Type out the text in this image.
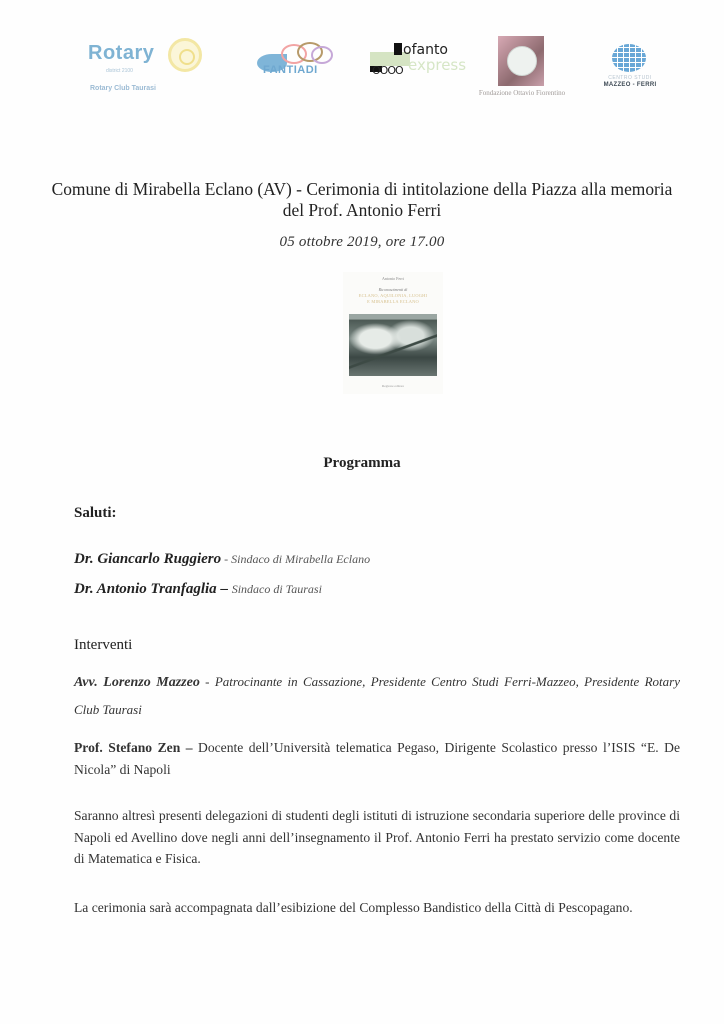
Rotary
district 2100
Rotary Club Taurasi
FANTIADI	OOOO
ofanto
express
Fondazione Ottavio Fiorentino
CENTRO STUDI
MAZZEO - FERRI
Comune di Mirabella Eclano (AV) - Cerimonia di intitolazione della Piazza alla memoria del Prof. Antonio Ferri
05 ottobre 2019, ore 17.00
Antonio Ferri
Riconoscimenti di
ECLANO, AQUILONIA, LUOGHI
E MIRABELLA ECLANO
Regione editore
Programma
Saluti:
Dr. Giancarlo Ruggiero - Sindaco di Mirabella Eclano
Dr. Antonio Tranfaglia – Sindaco di Taurasi
Interventi
Avv. Lorenzo Mazzeo - Patrocinante in Cassazione, Presidente Centro Studi Ferri-Mazzeo, Presidente Rotary Club Taurasi
Prof. Stefano Zen – Docente dell’Università telematica Pegaso, Dirigente Scolastico presso l’ISIS “E. De Nicola” di Napoli
Saranno altresì presenti delegazioni di studenti degli istituti di istruzione secondaria superiore delle province di Napoli ed Avellino dove negli anni dell’insegnamento il Prof. Antonio Ferri ha prestato servizio come docente di Matematica e Fisica.
La cerimonia sarà accompagnata dall’esibizione del Complesso Bandistico della Città di Pescopagano.
